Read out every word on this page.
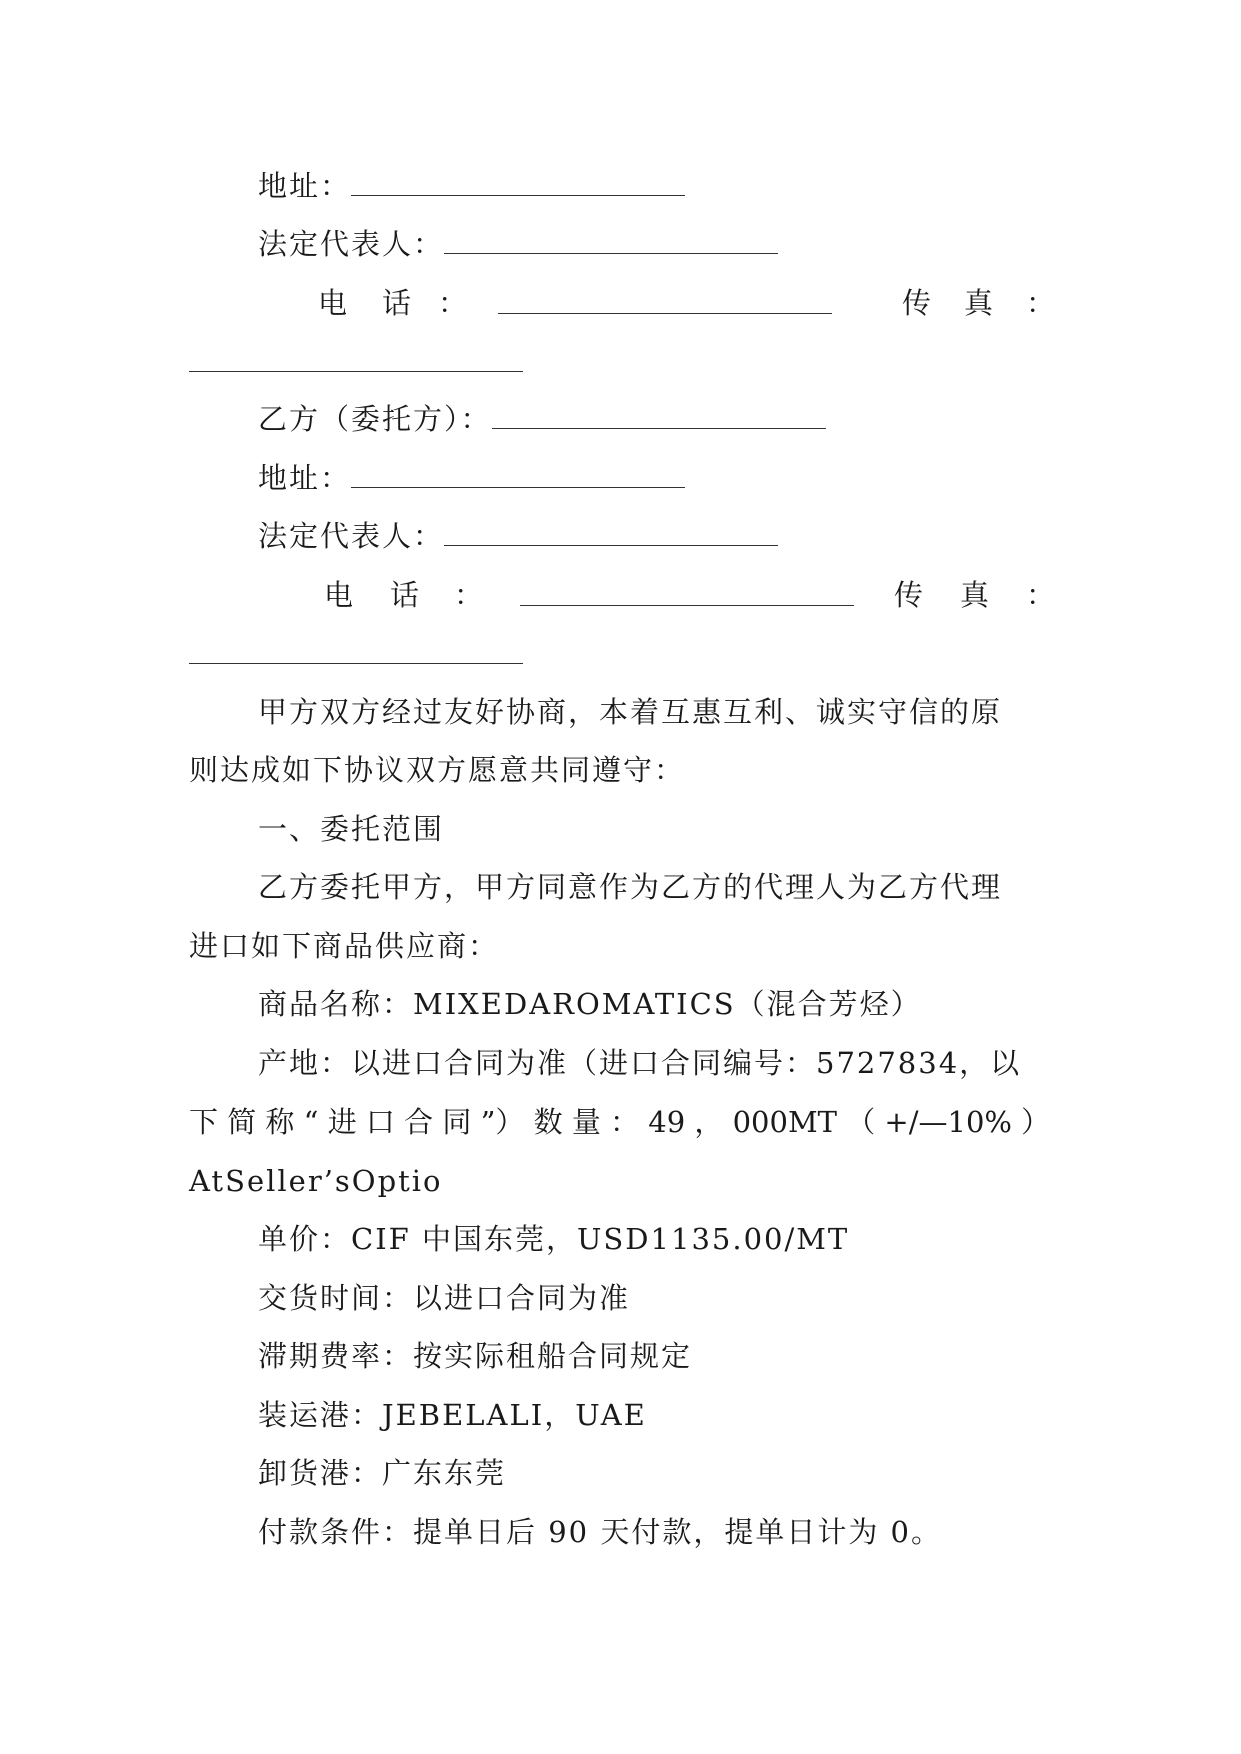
地址：
法定代表人：
电 话 ：	传 真 ：
乙方（委托方）：
地址：
法定代表人：
电 话 ：	传 真 ：
甲方双方经过友好协商，本着互惠互利、诚实守信的原
则达成如下协议双方愿意共同遵守：
一、委托范围
乙方委托甲方，甲方同意作为乙方的代理人为乙方代理
进口如下商品供应商：
商品名称：MIXEDAROMATICS（混合芳烃）
产地：以进口合同为准（进口合同编号：5727834，以
下 简 称 “ 进 口 合 同 ”） 数 量 ： 49 ， 000MT （ +/—10% ）
AtSeller’sOptio
单价：CIF 中国东莞，USD1135.00/MT
交货时间：以进口合同为准
滞期费率：按实际租船合同规定
装运港：JEBELALI，UAE
卸货港：广东东莞
付款条件：提单日后 90 天付款，提单日计为 0。
